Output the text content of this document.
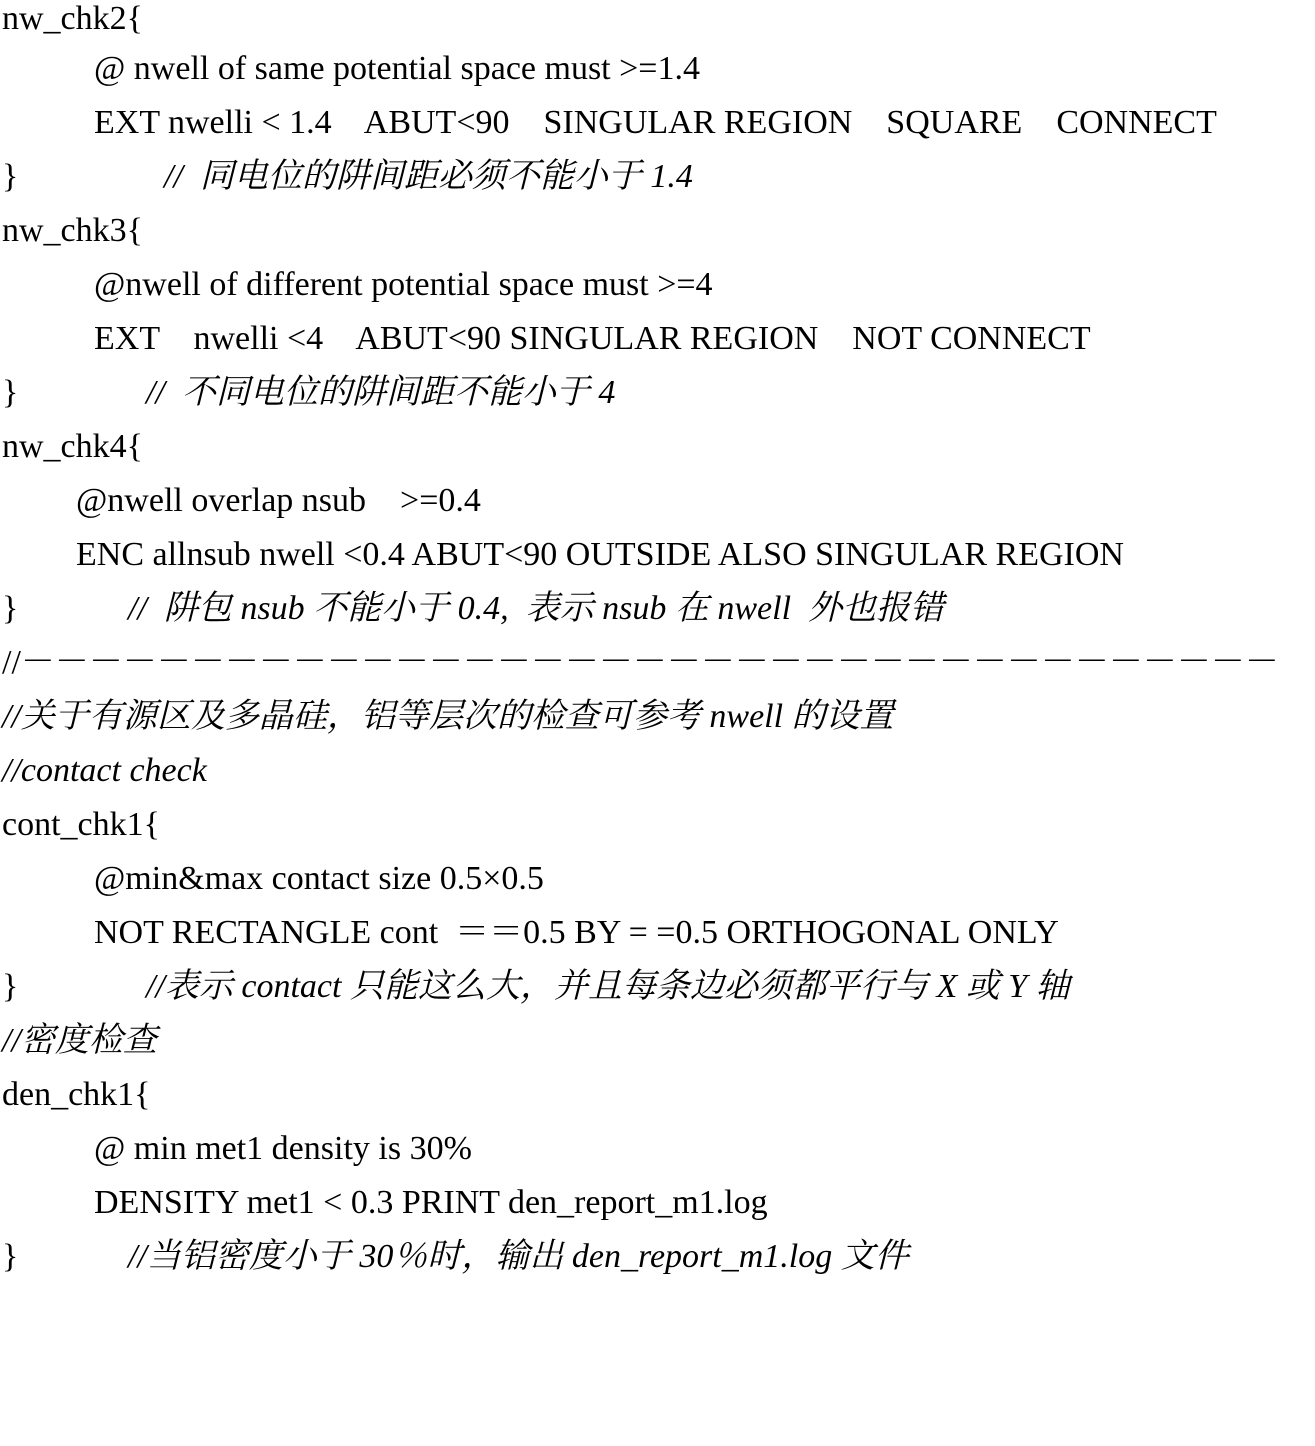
nw_chk2{

@ nwell of same potential space must >=1.4

EXT nwelli < 1.4    ABUT<90    SINGULAR REGION    SQUARE    CONNECT

}

	//  同电位的阱间距必须不能小于 1.4

nw_chk3{

@nwell of different potential space must >=4

EXT    nwelli <4    ABUT<90 SINGULAR REGION    NOT CONNECT

}

	//  不同电位的阱间距不能小于 4

nw_chk4{

@nwell overlap nsub    >=0.4

ENC allnsub nwell <0.4 ABUT<90 OUTSIDE ALSO SINGULAR REGION

}

	//  阱包 nsub 不能小于 0.4,  表示 nsub 在 nwell  外也报错

//－－－－－－－－－－－－－－－－－－－－－－－－－－－－－－－－－－－－－

//关于有源区及多晶硅，铝等层次的检查可参考 nwell 的设置

//contact check

cont_chk1{

@min&max contact size 0.5×0.5

NOT RECTANGLE cont  ＝＝0.5 BY = =0.5 ORTHOGONAL ONLY

}

	//表示 contact 只能这么大，并且每条边必须都平行与 X 或 Y 轴

//密度检查

den_chk1{

@ min met1 density is 30%

DENSITY met1 < 0.3 PRINT den_report_m1.log

}

	//当铝密度小于 30％时，输出 den_report_m1.log 文件
